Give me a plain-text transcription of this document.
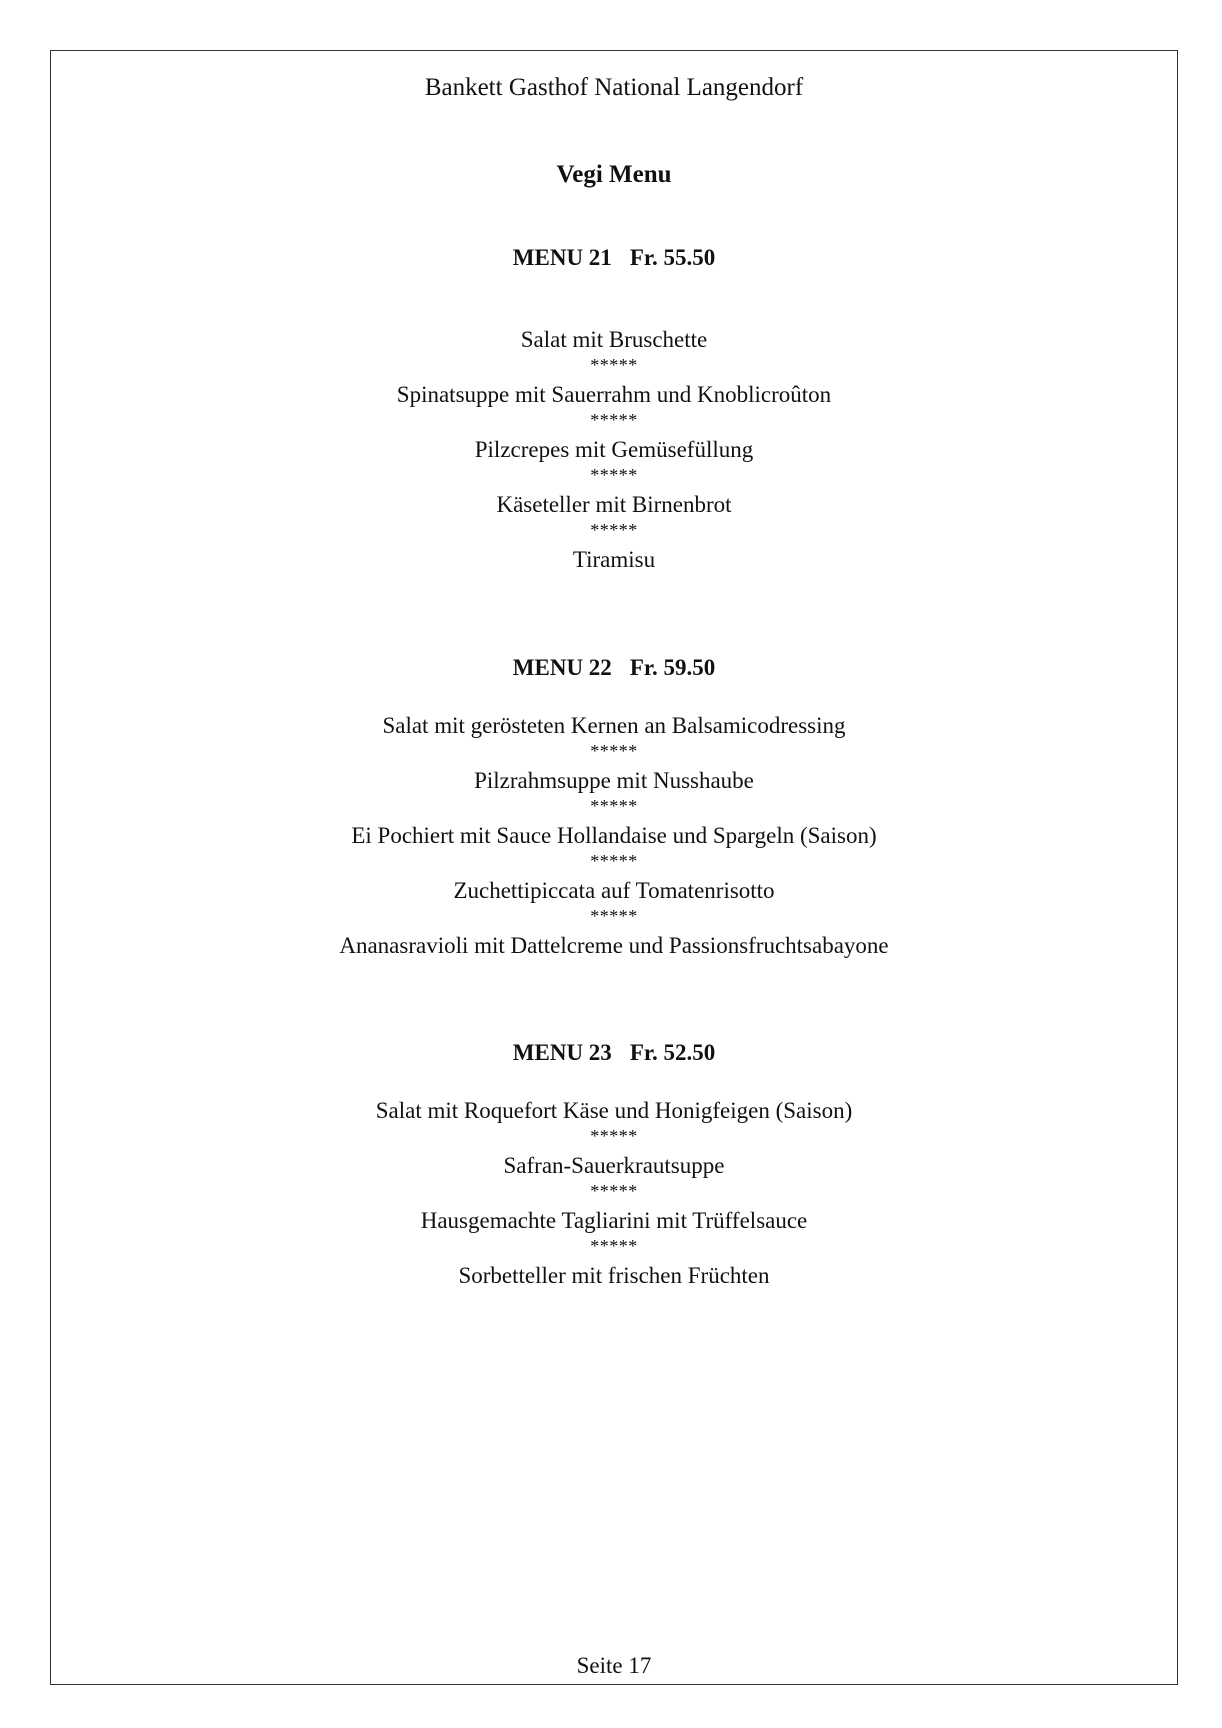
Bankett Gasthof National Langendorf
Vegi Menu
MENU 21 Fr. 55.50
Salat mit Bruschette
*****
Spinatsuppe mit Sauerrahm und Knoblicroûton
*****
Pilzcrepes mit Gemüsefüllung
*****
Käseteller mit Birnenbrot
*****
Tiramisu
MENU 22 Fr. 59.50
Salat mit gerösteten Kernen an Balsamicodressing
*****
Pilzrahmsuppe mit Nusshaube
*****
Ei Pochiert mit Sauce Hollandaise und Spargeln (Saison)
*****
Zuchettipiccata auf Tomatenrisotto
*****
Ananasravioli mit Dattelcreme und Passionsfruchtsabayone
MENU 23 Fr. 52.50
Salat mit Roquefort Käse und Honigfeigen (Saison)
*****
Safran-Sauerkrautsuppe
*****
Hausgemachte Tagliarini mit Trüffelsauce
*****
Sorbetteller mit frischen Früchten
Seite 17
